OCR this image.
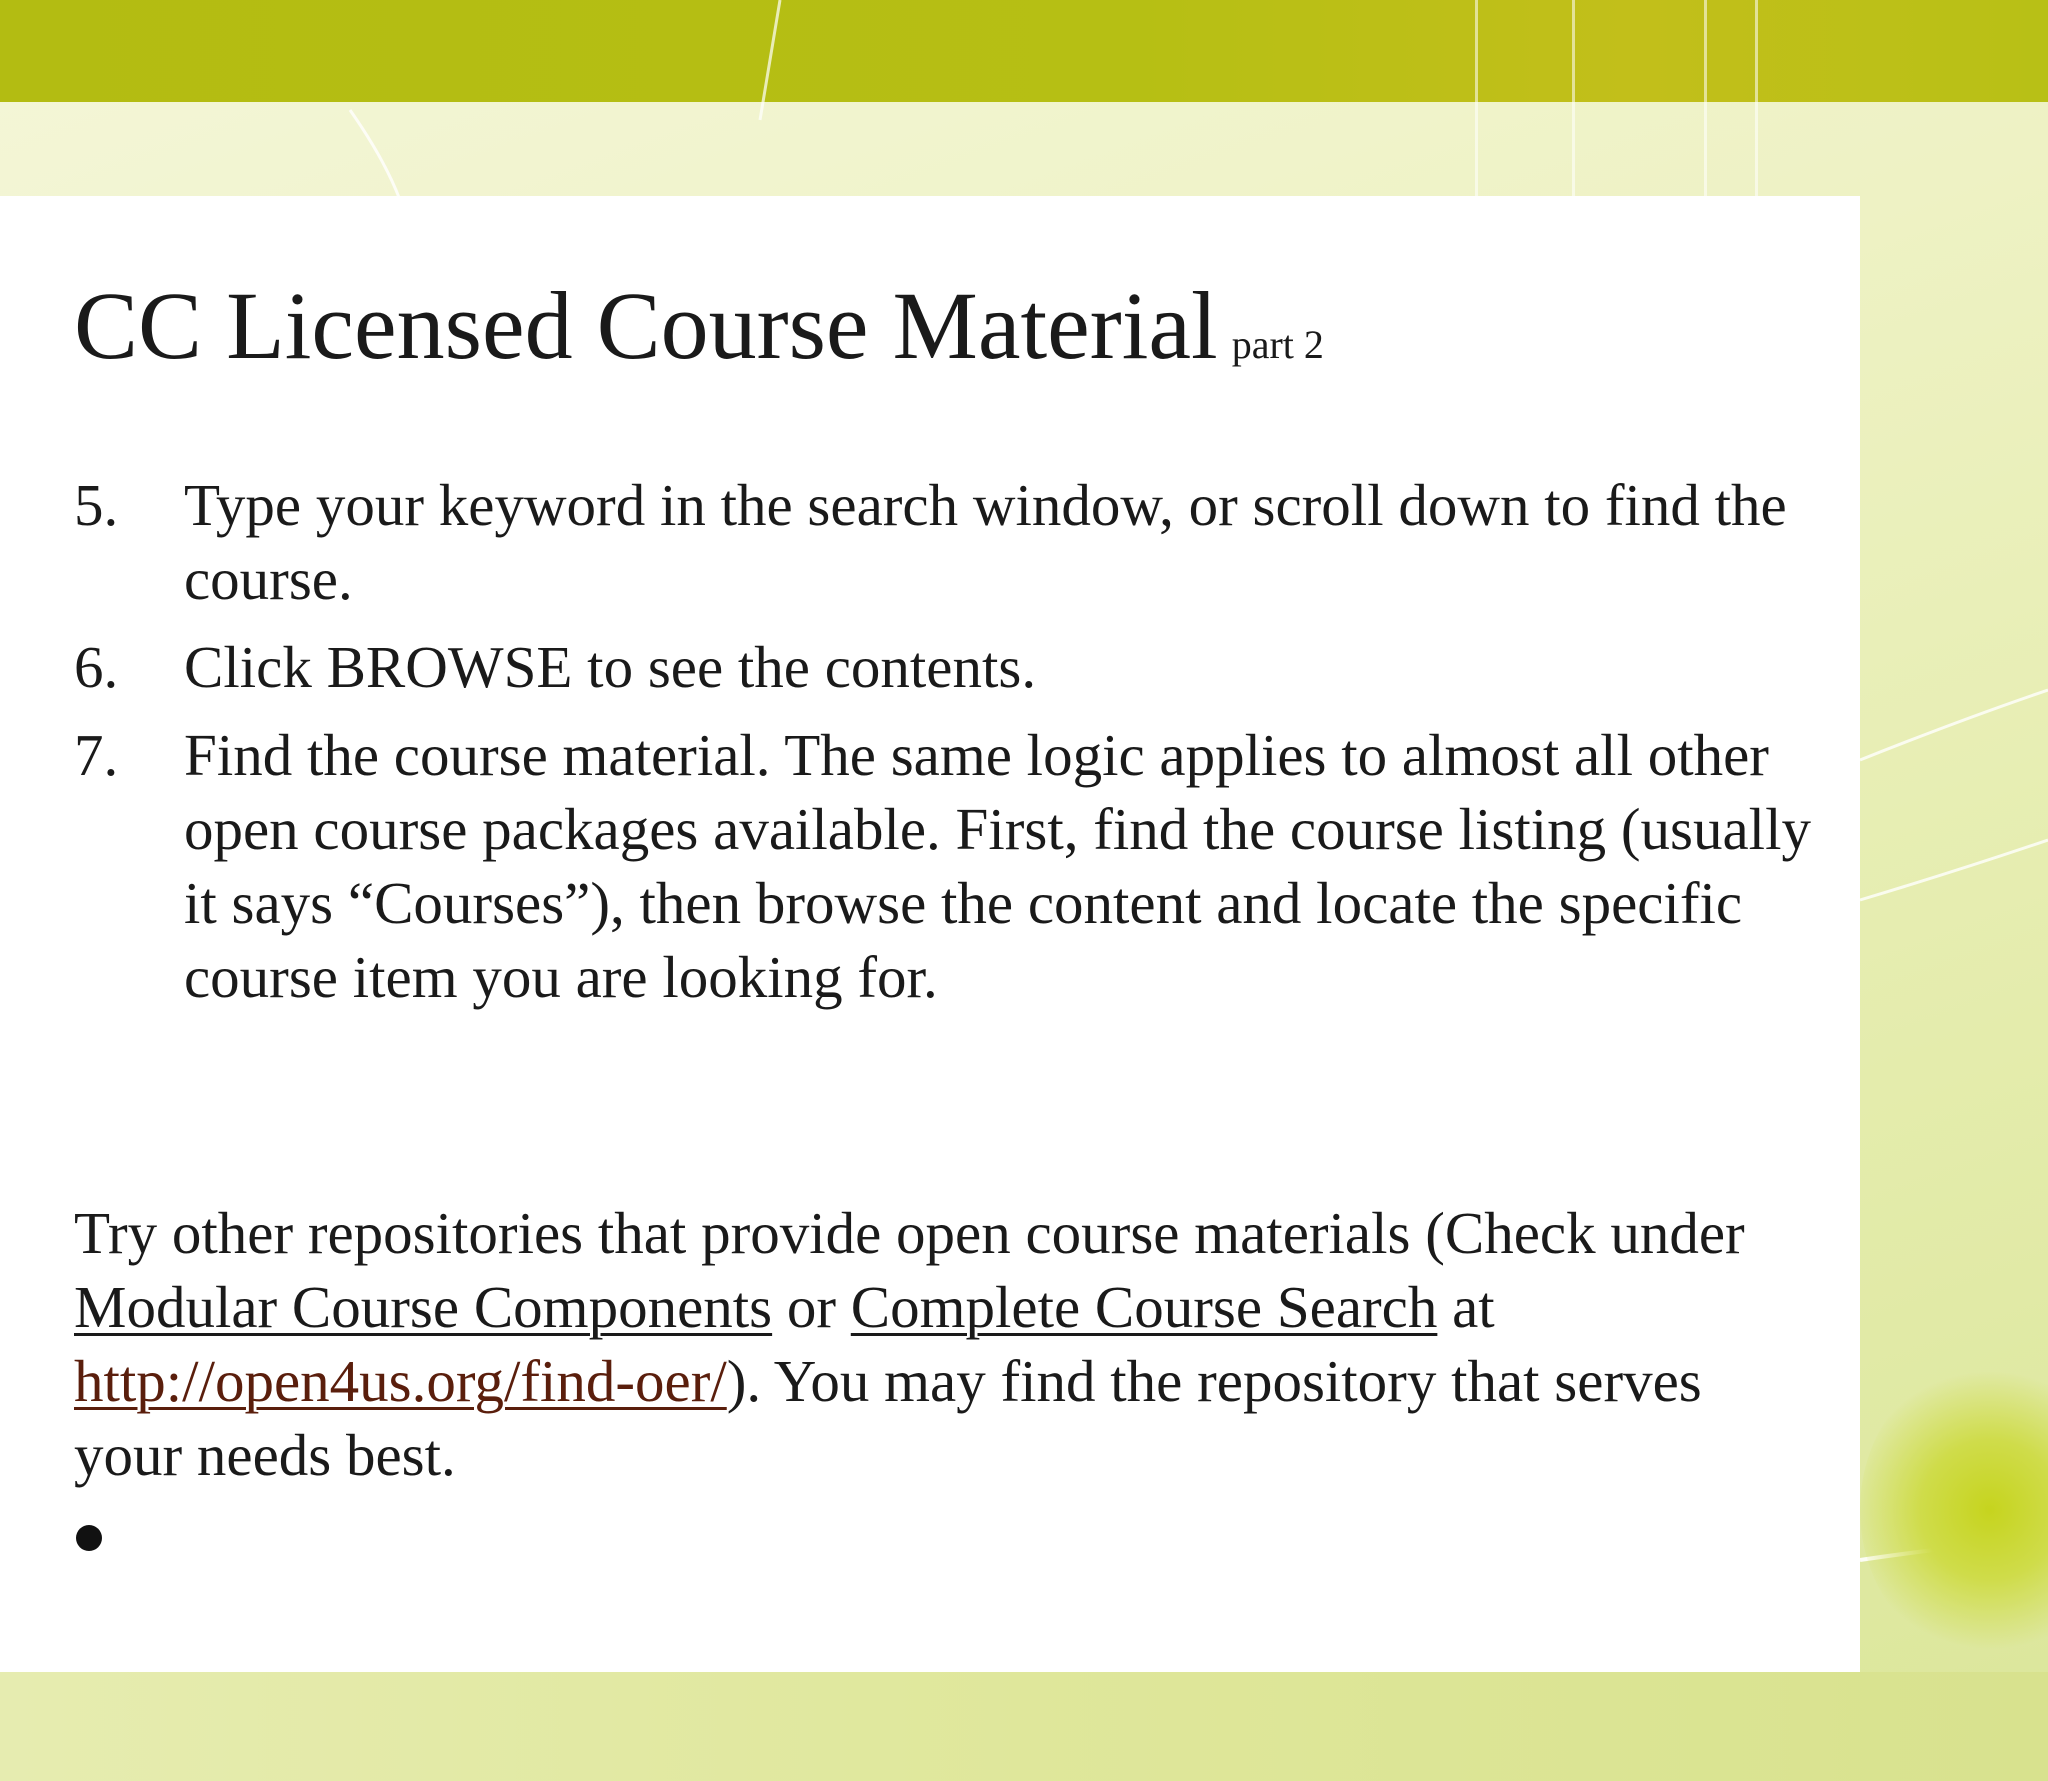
CC Licensed Course Material part 2
5. Type your keyword in the search window, or scroll down to find the course.
6. Click BROWSE to see the contents.
7. Find the course material. The same logic applies to almost all other open course packages available. First, find the course listing (usually it says “Courses”), then browse the content and locate the specific course item you are looking for.

Try other repositories that provide open course materials (Check under Modular Course Components or Complete Course Search at http://open4us.org/find-oer/). You may find the repository that serves your needs best.
